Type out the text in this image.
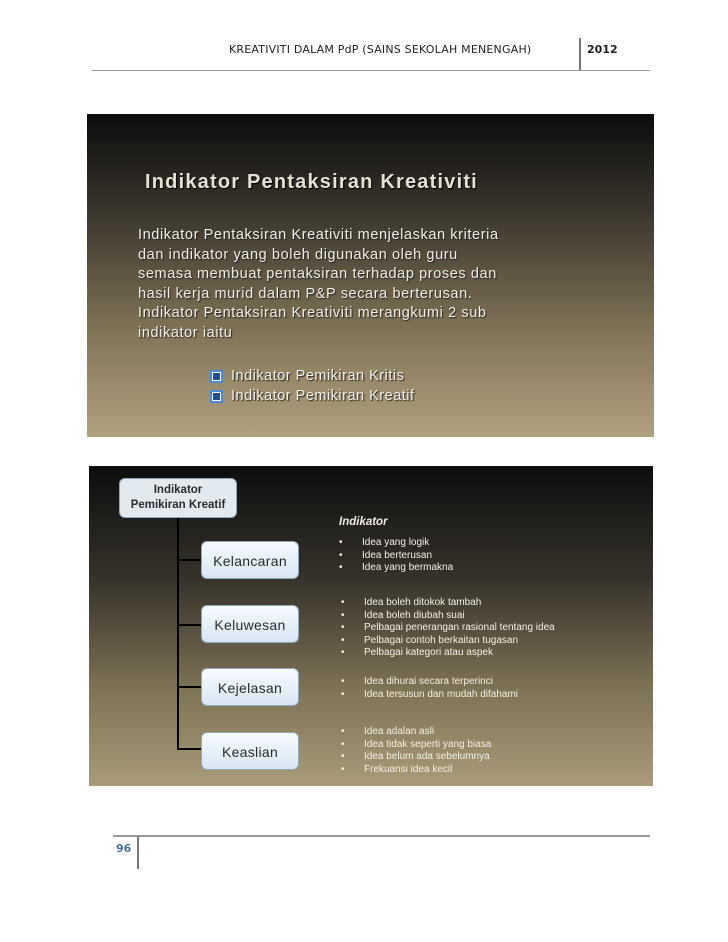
KREATIVITI DALAM PdP (SAINS SEKOLAH MENENGAH)	2012
Indikator Pentaksiran Kreativiti
Indikator Pentaksiran Kreativiti menjelaskan kriteria
dan indikator yang boleh digunakan oleh guru
semasa membuat pentaksiran terhadap proses dan
hasil kerja murid dalam P&P secara berterusan.
Indikator Pentaksiran Kreativiti merangkumi 2 sub
indikator iaitu
Indikator Pemikiran Kritis
Indikator Pemikiran Kreatif
Indikator
Pemikiran Kreatif
Kelancaran
Keluwesan
Kejelasan
Keaslian
Indikator
• Idea yang logik
• Idea berterusan
• Idea yang bermakna
• Idea boleh ditokok tambah
• Idea boleh diubah suai
• Pelbagai penerangan rasional tentang idea
• Pelbagai contoh berkaitan tugasan
• Pelbagai kategori atau aspek
• Idea dihurai secara terperinci
• Idea tersusun dan mudah difahami
• Idea adalan asli
• Idea tidak seperti yang biasa
• Idea belum ada sebelumnya
• Frekuansi idea kecil
96
